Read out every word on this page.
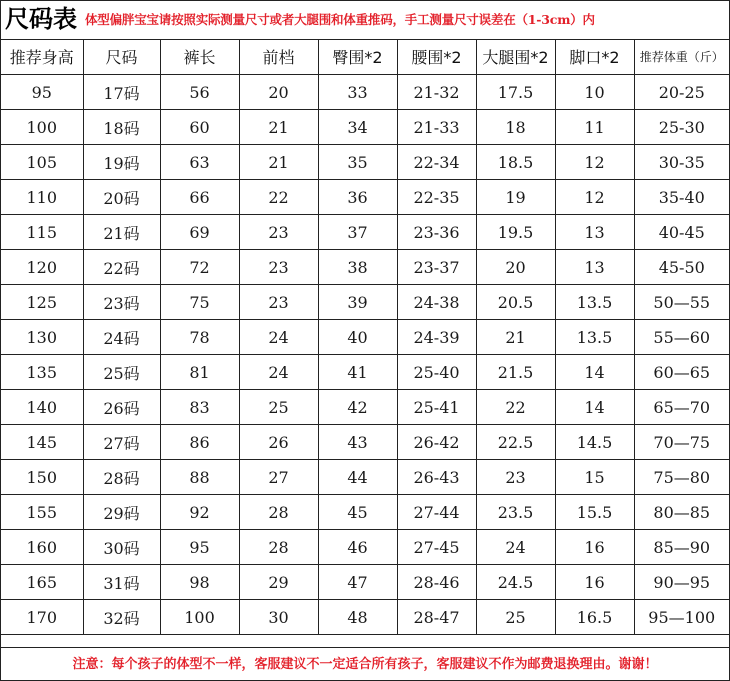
尺码表 体型偏胖宝宝请按照实际测量尺寸或者大腿围和体重推码，手工测量尺寸误差在（1-3cm）内
推荐身高	尺码	裤长	前档	臀围*2	腰围*2	大腿围*2	脚口*2	推荐体重（斤）
95	17码	56	20	33	21-32	17.5	10	20-25
100	18码	60	21	34	21-33	18	11	25-30
105	19码	63	21	35	22-34	18.5	12	30-35
110	20码	66	22	36	22-35	19	12	35-40
115	21码	69	23	37	23-36	19.5	13	40-45
120	22码	72	23	38	23-37	20	13	45-50
125	23码	75	23	39	24-38	20.5	13.5	50—55
130	24码	78	24	40	24-39	21	13.5	55—60
135	25码	81	24	41	25-40	21.5	14	60—65
140	26码	83	25	42	25-41	22	14	65—70
145	27码	86	26	43	26-42	22.5	14.5	70—75
150	28码	88	27	44	26-43	23	15	75—80
155	29码	92	28	45	27-44	23.5	15.5	80—85
160	30码	95	28	46	27-45	24	16	85—90
165	31码	98	29	47	28-46	24.5	16	90—95
170	32码	100	30	48	28-47	25	16.5	95—100
注意：每个孩子的体型不一样，客服建议不一定适合所有孩子，客服建议不作为邮费退换理由。谢谢！
